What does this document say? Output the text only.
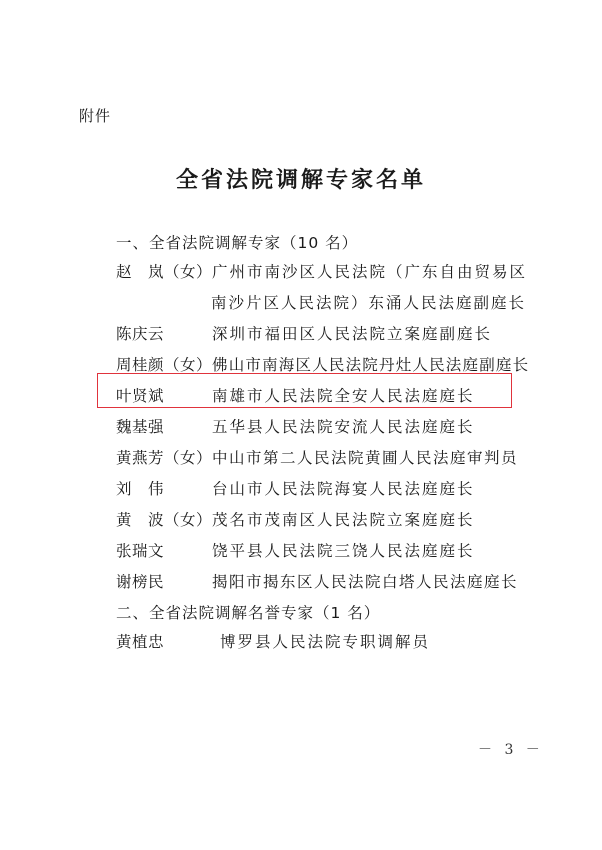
附件
全省法院调解专家名单
一、全省法院调解专家（10 名）
赵　岚（女） 广州市南沙区人民法院（广东自由贸易区
南沙片区人民法院）东涌人民法庭副庭长
陈庆云	深圳市福田区人民法院立案庭副庭长
周桂颜（女） 佛山市南海区人民法院丹灶人民法庭副庭长
叶贤斌	南雄市人民法院全安人民法庭庭长
魏基强	五华县人民法院安流人民法庭庭长
黄燕芳（女） 中山市第二人民法院黄圃人民法庭审判员
刘　伟	台山市人民法院海宴人民法庭庭长
黄　波（女） 茂名市茂南区人民法院立案庭庭长
张瑞文	饶平县人民法院三饶人民法庭庭长
谢榜民	揭阳市揭东区人民法院白塔人民法庭庭长
二、全省法院调解名誉专家（1 名）
黄植忠	博罗县人民法院专职调解员
－ 3 －
